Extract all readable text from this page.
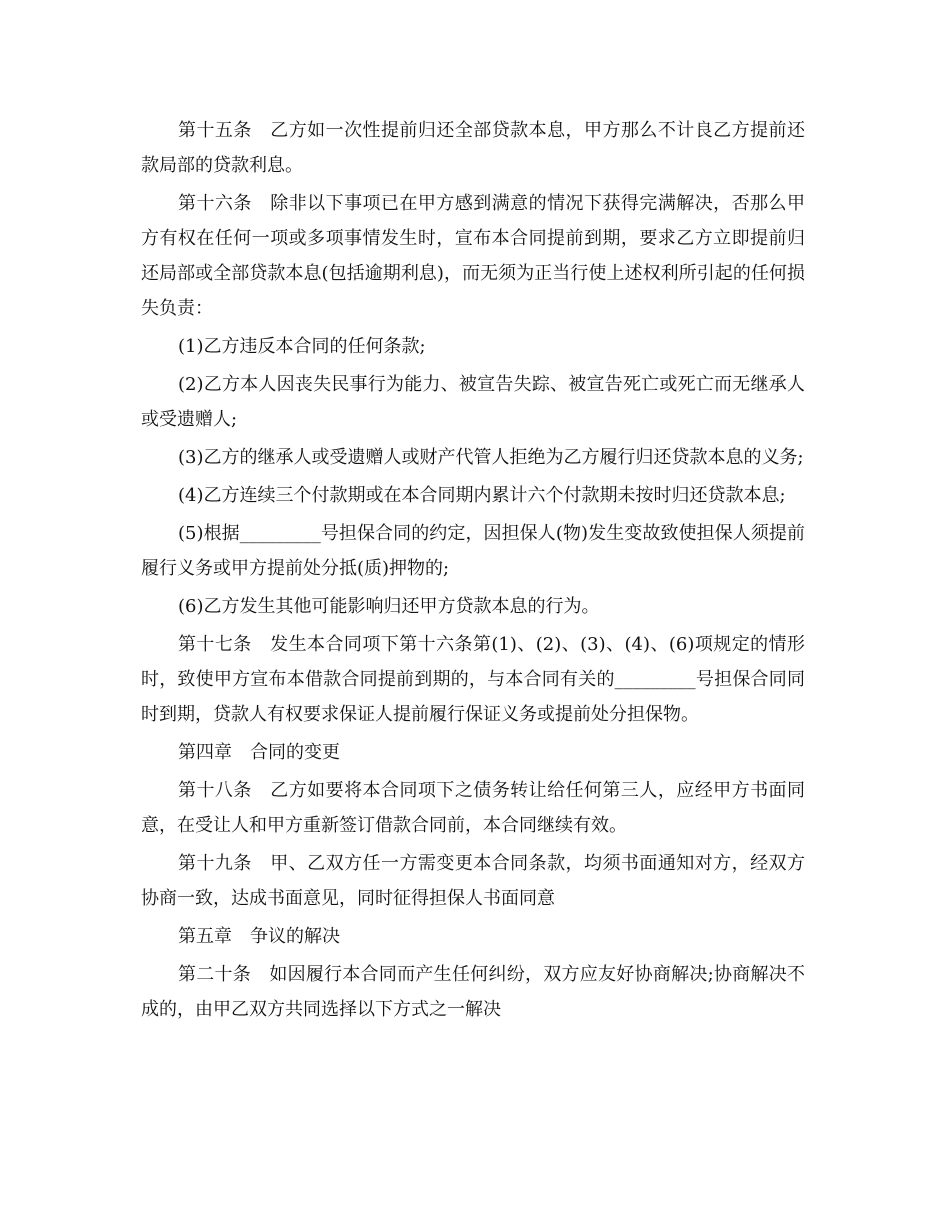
第十五条　乙方如一次性提前归还全部贷款本息，甲方那么不计良乙方提前还款局部的贷款利息。

第十六条　除非以下事项已在甲方感到满意的情况下获得完满解决，否那么甲方有权在任何一项或多项事情发生时，宣布本合同提前到期，要求乙方立即提前归还局部或全部贷款本息(包括逾期利息)，而无须为正当行使上述权利所引起的任何损失负责：

(1)乙方违反本合同的任何条款;

(2)乙方本人因丧失民事行为能力、被宣告失踪、被宣告死亡或死亡而无继承人或受遗赠人;

(3)乙方的继承人或受遗赠人或财产代管人拒绝为乙方履行归还贷款本息的义务;

(4)乙方连续三个付款期或在本合同期内累计六个付款期未按时归还贷款本息;

(5)根据_________号担保合同的约定，因担保人(物)发生变故致使担保人须提前履行义务或甲方提前处分抵(质)押物的;

(6)乙方发生其他可能影响归还甲方贷款本息的行为。

第十七条　发生本合同项下第十六条第(1)、(2)、(3)、(4)、(6)项规定的情形时，致使甲方宣布本借款合同提前到期的，与本合同有关的_________号担保合同同时到期，贷款人有权要求保证人提前履行保证义务或提前处分担保物。

第四章　合同的变更

第十八条　乙方如要将本合同项下之债务转让给任何第三人，应经甲方书面同意，在受让人和甲方重新签订借款合同前，本合同继续有效。

第十九条　甲、乙双方任一方需变更本合同条款，均须书面通知对方，经双方协商一致，达成书面意见，同时征得担保人书面同意

第五章　争议的解决

第二十条　如因履行本合同而产生任何纠纷，双方应友好协商解决;协商解决不成的，由甲乙双方共同选择以下方式之一解决
